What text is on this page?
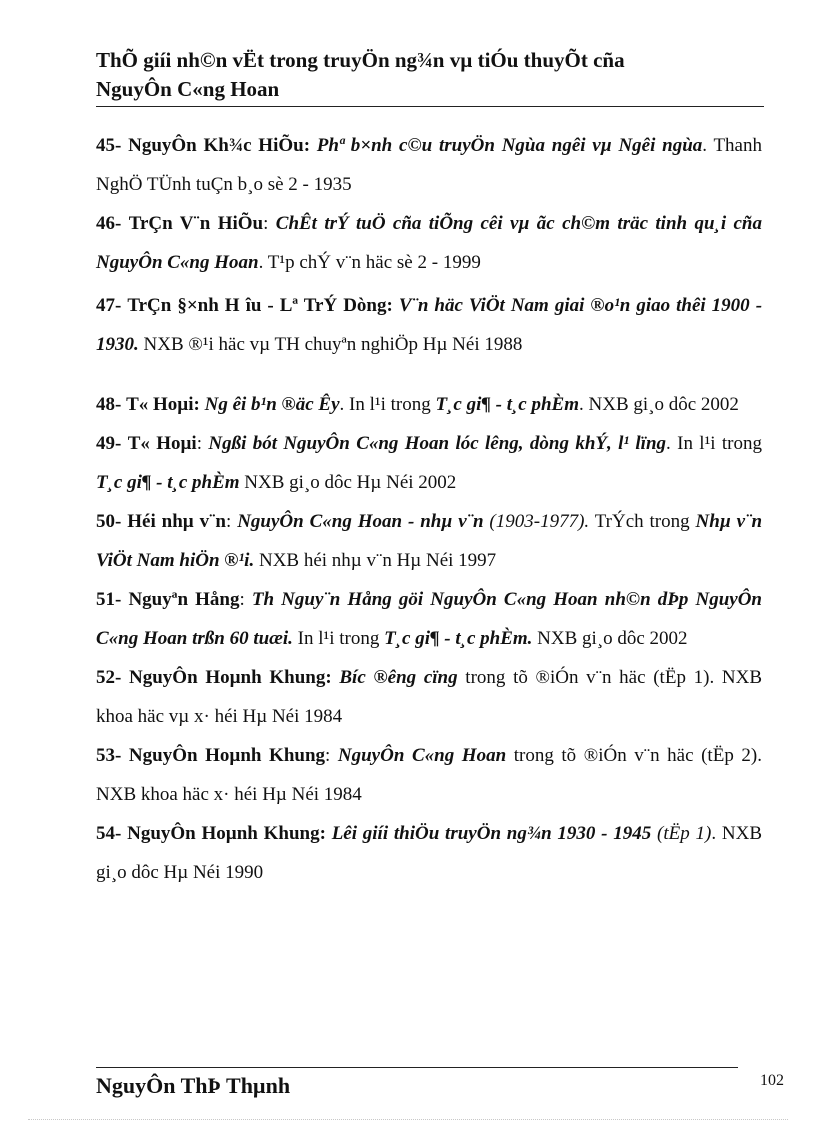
ThÕ giíi nh©n vËt trong truyÖn ng¾n vµ tiÓu thuyÕt cña
NguyÔn C«ng Hoan

45- NguyÔn Kh¾c HiÕu: Phª b×nh c©u truyÖn Ngùa ngêi vµ Ngêi ngùa. Thanh NghÖ TÜnh tuÇn b¸o sè 2 - 1935

46- TrÇn V¨n HiÕu: ChÊt trÝ tuÖ cña tiÕng cêi vµ ãc ch©m träc tinh qu¸i cña NguyÔn C«ng Hoan. T¹p chÝ v¨n häc sè 2 - 1999

47- TrÇn §×nh H îu - Lª TrÝ Dòng: V¨n häc ViÖt Nam giai ®o¹n giao thêi 1900 - 1930. NXB ®¹i häc vµ TH chuyªn nghiÖp Hµ Néi 1988

48- T« Hoµi: Ng êi b¹n ®äc Êy. In l¹i trong T¸c gi¶ - t¸c phÈm. NXB gi¸o dôc 2002

49- T« Hoµi: Ngßi bót NguyÔn C«ng Hoan lóc lêng, dòng khÝ, l¹ lïng. In l¹i trong T¸c gi¶ - t¸c phÈm NXB gi¸o dôc Hµ Néi 2002

50- Héi nhµ v¨n: NguyÔn C«ng Hoan - nhµ v¨n (1903-1977). TrÝch trong Nhµ v¨n ViÖt Nam hiÖn ®¹i. NXB héi nhµ v¨n Hµ Néi 1997

51- Nguyªn Hång: Th Nguy¨n Hång göi NguyÔn C«ng Hoan nh©n dÞp NguyÔn C«ng Hoan trßn 60 tuæi. In l¹i trong T¸c gi¶ - t¸c phÈm. NXB gi¸o dôc 2002

52- NguyÔn Hoµnh Khung: Bíc ®êng cïng trong tõ ®iÓn v¨n häc (tËp 1). NXB khoa häc vµ x· héi Hµ Néi 1984

53- NguyÔn Hoµnh Khung: NguyÔn C«ng Hoan trong tõ ®iÓn v¨n häc (tËp 2). NXB khoa häc x· héi Hµ Néi 1984

54- NguyÔn Hoµnh Khung: Lêi giíi thiÖu truyÖn ng¾n 1930 - 1945 (tËp 1). NXB gi¸o dôc Hµ Néi 1990

NguyÔn ThÞ Thµnh	102
